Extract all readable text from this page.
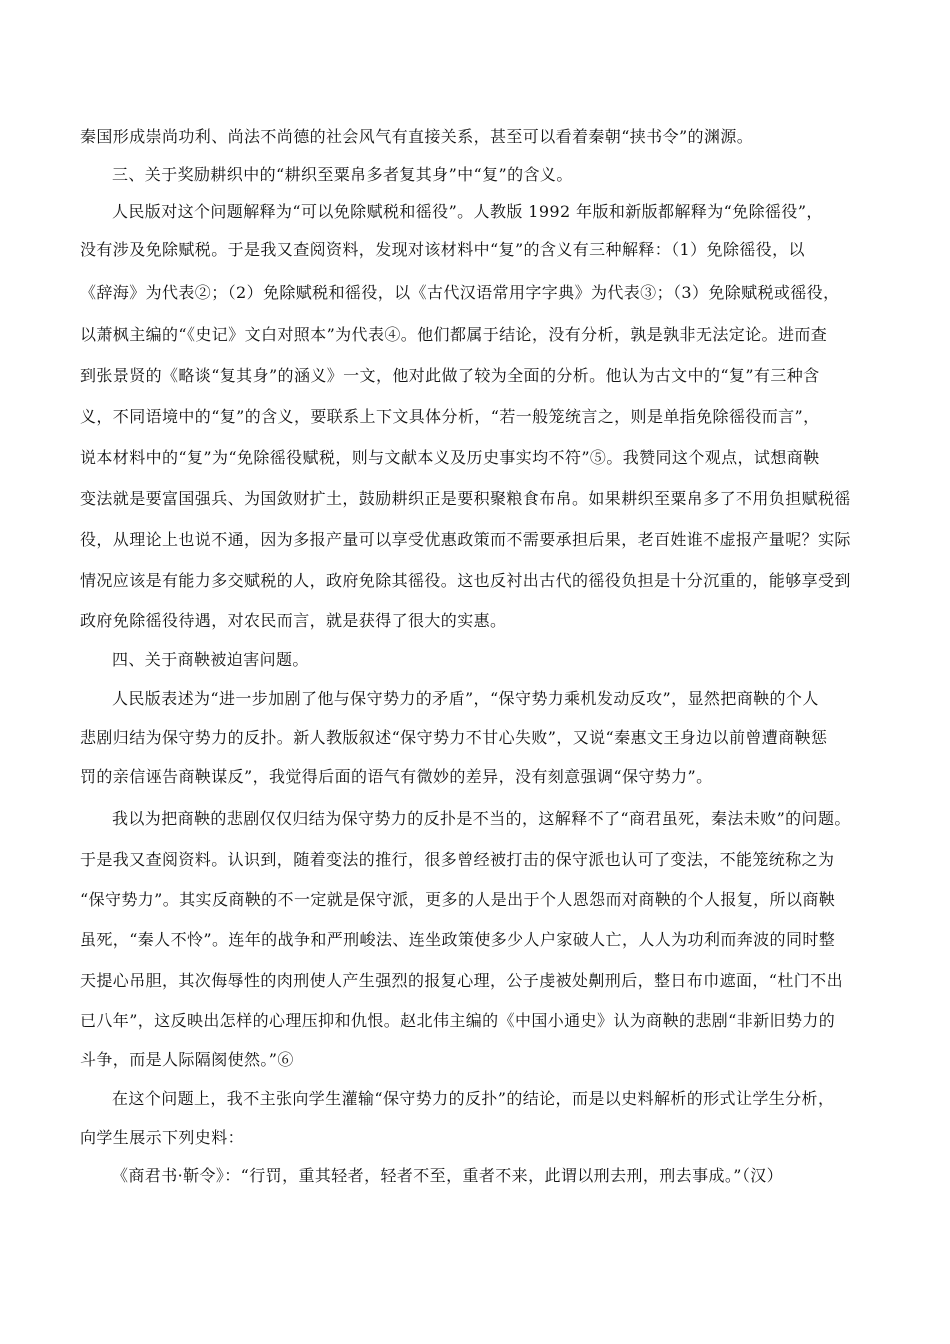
秦国形成崇尚功利、尚法不尚德的社会风气有直接关系，甚至可以看着秦朝“挟书令”的渊源。
三、关于奖励耕织中的“耕织至粟帛多者复其身”中“复”的含义。
人民版对这个问题解释为“可以免除赋税和徭役”。人教版 1992 年版和新版都解释为“免除徭役”，
没有涉及免除赋税。于是我又查阅资料，发现对该材料中“复”的含义有三种解释：（1）免除徭役，以
《辞海》为代表②；（2）免除赋税和徭役，以《古代汉语常用字字典》为代表③；（3）免除赋税或徭役，
以萧枫主编的“《史记》文白对照本”为代表④。他们都属于结论，没有分析，孰是孰非无法定论。进而查
到张景贤的《略谈“复其身”的涵义》一文，他对此做了较为全面的分析。他认为古文中的“复”有三种含
义，不同语境中的“复”的含义，要联系上下文具体分析，“若一般笼统言之，则是单指免除徭役而言”，
说本材料中的“复”为“免除徭役赋税，则与文献本义及历史事实均不符”⑤。我赞同这个观点，试想商鞅
变法就是要富国强兵、为国敛财扩土，鼓励耕织正是要积聚粮食布帛。如果耕织至粟帛多了不用负担赋税徭
役，从理论上也说不通，因为多报产量可以享受优惠政策而不需要承担后果，老百姓谁不虚报产量呢？实际
情况应该是有能力多交赋税的人，政府免除其徭役。这也反衬出古代的徭役负担是十分沉重的，能够享受到
政府免除徭役待遇，对农民而言，就是获得了很大的实惠。
四、关于商鞅被迫害问题。
人民版表述为“进一步加剧了他与保守势力的矛盾”，“保守势力乘机发动反攻”，显然把商鞅的个人
悲剧归结为保守势力的反扑。新人教版叙述“保守势力不甘心失败”，又说“秦惠文王身边以前曾遭商鞅惩
罚的亲信诬告商鞅谋反”，我觉得后面的语气有微妙的差异，没有刻意强调“保守势力”。
我以为把商鞅的悲剧仅仅归结为保守势力的反扑是不当的，这解释不了“商君虽死，秦法未败”的问题。
于是我又查阅资料。认识到，随着变法的推行，很多曾经被打击的保守派也认可了变法，不能笼统称之为
“保守势力”。其实反商鞅的不一定就是保守派，更多的人是出于个人恩怨而对商鞅的个人报复，所以商鞅
虽死，“秦人不怜”。连年的战争和严刑峻法、连坐政策使多少人户家破人亡，人人为功利而奔波的同时整
天提心吊胆，其次侮辱性的肉刑使人产生强烈的报复心理，公子虔被处劓刑后，整日布巾遮面，“杜门不出
已八年”，这反映出怎样的心理压抑和仇恨。赵北伟主编的《中国小通史》认为商鞅的悲剧“非新旧势力的
斗争，而是人际隔阂使然。”⑥
在这个问题上，我不主张向学生灌输“保守势力的反扑”的结论，而是以史料解析的形式让学生分析，
向学生展示下列史料：
《商君书·靳令》：“行罚，重其轻者，轻者不至，重者不来，此谓以刑去刑，刑去事成。”（汉）
